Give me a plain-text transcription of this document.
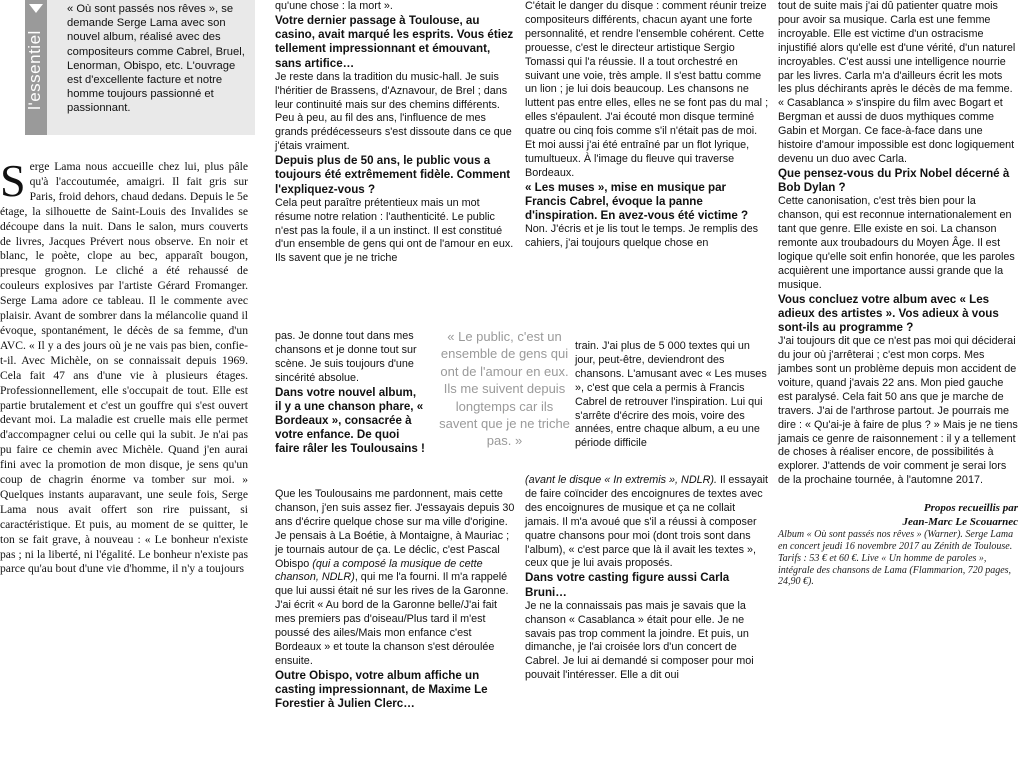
l'essentiel

« Où sont passés nos rêves », se demande Serge Lama avec son nouvel album, réalisé avec des compositeurs comme Cabrel, Bruel, Lenorman, Obispo, etc. L'ouvrage est d'excellente facture et notre homme toujours passionné et passionnant.

Serge Lama nous accueille chez lui, plus pâle qu'à l'accoutumée, amaigri. Il fait gris sur Paris, froid dehors, chaud dedans. Depuis le 5e étage, la silhouette de Saint-Louis des Invalides se découpe dans la nuit. Dans le salon, murs couverts de livres, Jacques Prévert nous observe. En noir et blanc, le poète, clope au bec, apparaît bougon, presque grognon. Le cliché a été rehaussé de couleurs explosives par l'artiste Gérard Fromanger. Serge Lama adore ce tableau. Il le commente avec plaisir. Avant de sombrer dans la mélancolie quand il évoque, spontanément, le décès de sa femme, d'un AVC. « Il y a des jours où je ne vais pas bien, confie-t-il. Avec Michèle, on se connaissait depuis 1969. Cela fait 47 ans d'une vie à plusieurs étages. Professionnellement, elle s'occupait de tout. Elle est partie brutalement et c'est un gouffre qui s'est ouvert devant moi. La maladie est cruelle mais elle permet d'accompagner celui ou celle qui la subit. Je n'ai pas pu faire ce chemin avec Michèle. Quand j'en aurai fini avec la promotion de mon disque, je sens qu'un coup de chagrin énorme va tomber sur moi. » Quelques instants auparavant, une seule fois, Serge Lama nous avait offert son rire puissant, si caractéristique. Et puis, au moment de se quitter, le ton se fait grave, à nouveau : « Le bonheur n'existe pas ; ni la liberté, ni l'égalité. Le bonheur n'existe pas parce qu'au bout d'une vie d'homme, il n'y a toujours

qu'une chose : la mort ».

Votre dernier passage à Toulouse, au casino, avait marqué les esprits. Vous étiez tellement impressionnant et émouvant, sans artifice…

Je reste dans la tradition du music-hall. Je suis l'héritier de Brassens, d'Aznavour, de Brel ; dans leur continuité mais sur des chemins différents. Peu à peu, au fil des ans, l'influence de mes grands prédécesseurs s'est dissoute dans ce que j'étais vraiment.

Depuis plus de 50 ans, le public vous a toujours été extrêmement fidèle. Comment l'expliquez-vous ?

Cela peut paraître prétentieux mais un mot résume notre relation : l'authenticité. Le public n'est pas la foule, il a un instinct. Il est constitué d'un ensemble de gens qui ont de l'amour en eux. Ils savent que je ne triche

pas. Je donne tout dans mes chansons et je donne tout sur scène. Je suis toujours d'une sincérité absolue.

Dans votre nouvel album, il y a une chanson phare, « Bordeaux », consacrée à votre enfance. De quoi faire râler les Toulousains !

Que les Toulousains me pardonnent, mais cette chanson, j'en suis assez fier. J'essayais depuis 30 ans d'écrire quelque chose sur ma ville d'origine. Je pensais à La Boétie, à Montaigne, à Mauriac ; je tournais autour de ça. Le déclic, c'est Pascal Obispo (qui a composé la musique de cette chanson, NDLR), qui me l'a fourni. Il m'a rappelé que lui aussi était né sur les rives de la Garonne. J'ai écrit « Au bord de la Garonne belle/J'ai fait mes premiers pas d'oiseau/Plus tard il m'est poussé des ailes/Mais mon enfance c'est Bordeaux » et toute la chanson s'est déroulée ensuite.

Outre Obispo, votre album affiche un casting impressionnant, de Maxime Le Forestier à Julien Clerc…

« Le public, c'est un ensemble de gens qui ont de l'amour en eux. Ils me suivent depuis longtemps car ils savent que je ne triche pas. »

C'était le danger du disque : comment réunir treize compositeurs différents, chacun ayant une forte personnalité, et rendre l'ensemble cohérent. Cette prouesse, c'est le directeur artistique Sergio Tomassi qui l'a réussie. Il a tout orchestré en suivant une voie, très ample. Il s'est battu comme un lion ; je lui dois beaucoup. Les chansons ne luttent pas entre elles, elles ne se font pas du mal ; elles s'épaulent. J'ai écouté mon disque terminé quatre ou cinq fois comme s'il n'était pas de moi. Et moi aussi j'ai été entraîné par un flot lyrique, tumultueux. À l'image du fleuve qui traverse Bordeaux.

« Les muses », mise en musique par Francis Cabrel, évoque la panne d'inspiration. En avez-vous été victime ?

Non. J'écris et je lis tout le temps. Je remplis des cahiers, j'ai toujours quelque chose en

train. J'ai plus de 5 000 textes qui un jour, peut-être, deviendront des chansons. L'amusant avec « Les muses », c'est que cela a permis à Francis Cabrel de retrouver l'inspiration. Lui qui s'arrête d'écrire des mois, voire des années, entre chaque album, a eu une période difficile

(avant le disque « In extremis », NDLR). Il essayait de faire coïncider des encoignures de textes avec des encoignures de musique et ça ne collait jamais. Il m'a avoué que s'il a réussi à composer quatre chansons pour moi (dont trois sont dans l'album), « c'est parce que là il avait les textes », ceux que je lui avais proposés.

Dans votre casting figure aussi Carla Bruni…

Je ne la connaissais pas mais je savais que la chanson « Casablanca » était pour elle. Je ne savais pas trop comment la joindre. Et puis, un dimanche, je l'ai croisée lors d'un concert de Cabrel. Je lui ai demandé si composer pour moi pouvait l'intéresser. Elle a dit oui

tout de suite mais j'ai dû patienter quatre mois pour avoir sa musique. Carla est une femme incroyable. Elle est victime d'un ostracisme injustifié alors qu'elle est d'une vérité, d'un naturel incroyables. C'est aussi une intelligence nourrie par les livres. Carla m'a d'ailleurs écrit les mots les plus déchirants après le décès de ma femme. « Casablanca » s'inspire du film avec Bogart et Bergman et aussi de duos mythiques comme Gabin et Morgan. Ce face-à-face dans une histoire d'amour impossible est donc logiquement devenu un duo avec Carla.

Que pensez-vous du Prix Nobel décerné à Bob Dylan ?

Cette canonisation, c'est très bien pour la chanson, qui est reconnue internationalement en tant que genre. Elle existe en soi. La chanson remonte aux troubadours du Moyen Âge. Il est logique qu'elle soit enfin honorée, que les paroles acquièrent une importance aussi grande que la musique.

Vous concluez votre album avec « Les adieux des artistes ». Vos adieux à vous sont-ils au programme ?

J'ai toujours dit que ce n'est pas moi qui déciderai du jour où j'arrêterai ; c'est mon corps. Mes jambes sont un problème depuis mon accident de voiture, quand j'avais 22 ans. Mon pied gauche est paralysé. Cela fait 50 ans que je marche de travers. J'ai de l'arthrose partout. Je pourrais me dire : « Qu'ai-je à faire de plus ? » Mais je ne tiens jamais ce genre de raisonnement : il y a tellement de choses à réaliser encore, de possibilités à explorer. J'attends de voir comment je serai lors de la prochaine tournée, à l'automne 2017.

Propos recueillis par

Jean-Marc Le Scouarnec

Album « Où sont passés nos rêves » (Warner). Serge Lama en concert jeudi 16 novembre 2017 au Zénith de Toulouse. Tarifs : 53 € et 60 €. Live « Un homme de paroles », intégrale des chansons de Lama (Flammarion, 720 pages, 24,90 €).
